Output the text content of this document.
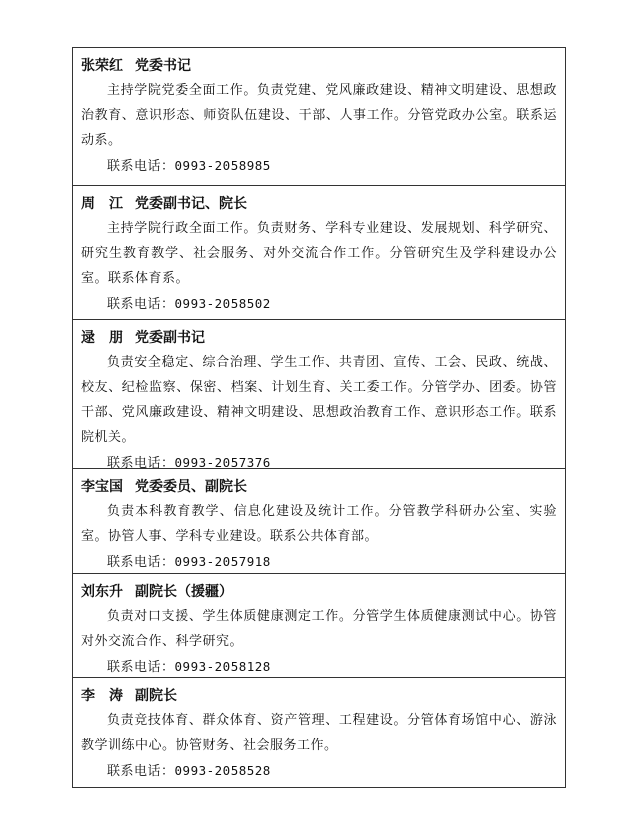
张荣红 党委书记

主持学院党委全面工作。负责党建、党风廉政建设、精神文明建设、思想政治教育、意识形态、师资队伍建设、干部、人事工作。分管党政办公室。联系运动系。

联系电话：0993-2058985
周　江 党委副书记、院长

主持学院行政全面工作。负责财务、学科专业建设、发展规划、科学研究、研究生教育教学、社会服务、对外交流合作工作。分管研究生及学科建设办公室。联系体育系。

联系电话：0993-2058502
逯　朋 党委副书记

负责安全稳定、综合治理、学生工作、共青团、宣传、工会、民政、统战、校友、纪检监察、保密、档案、计划生育、关工委工作。分管学办、团委。协管干部、党风廉政建设、精神文明建设、思想政治教育工作、意识形态工作。联系院机关。

联系电话：0993-2057376
李宝国 党委委员、副院长

负责本科教育教学、信息化建设及统计工作。分管教学科研办公室、实验室。协管人事、学科专业建设。联系公共体育部。

联系电话：0993-2057918
刘东升 副院长（援疆）

负责对口支援、学生体质健康测定工作。分管学生体质健康测试中心。协管对外交流合作、科学研究。

联系电话：0993-2058128
李　涛 副院长

负责竞技体育、群众体育、资产管理、工程建设。分管体育场馆中心、游泳教学训练中心。协管财务、社会服务工作。

联系电话：0993-2058528
